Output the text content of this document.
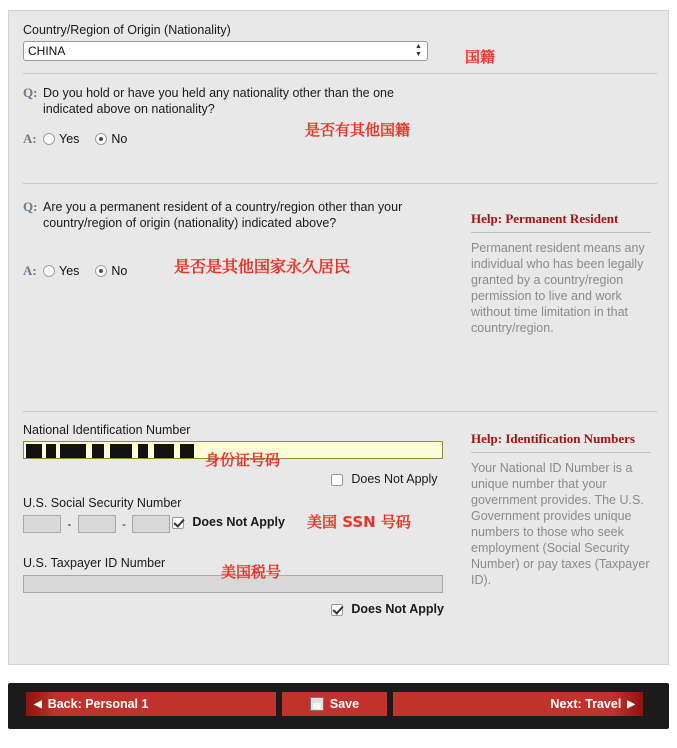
Country/Region of Origin (Nationality)
CHINA
▲
▼	国籍
Q: Do you hold or have you held any nationality other than the one indicated above on nationality?
A:	Yes	No	是否有其他国籍
Q: Are you a permanent resident of a country/region other than your country/region of origin (nationality) indicated above?
A:	Yes	No	是否是其他国家永久居民
Help: Permanent Resident
Permanent resident means any individual who has been legally granted by a country/region permission to live and work without time limitation in that country/region.
National Identification Number
身份证号码
Does Not Apply
U.S. Social Security Number
-	-	Does Not Apply 美国 SSN 号码
U.S. Taxpayer ID Number	美国税号
Does Not Apply
Help: Identification Numbers
Your National ID Number is a unique number that your government provides. The U.S. Government provides unique numbers to those who seek employment (Social Security Number) or pay taxes (Taxpayer ID).
◀ Back: Personal 1	Save	Next: Travel ▶
